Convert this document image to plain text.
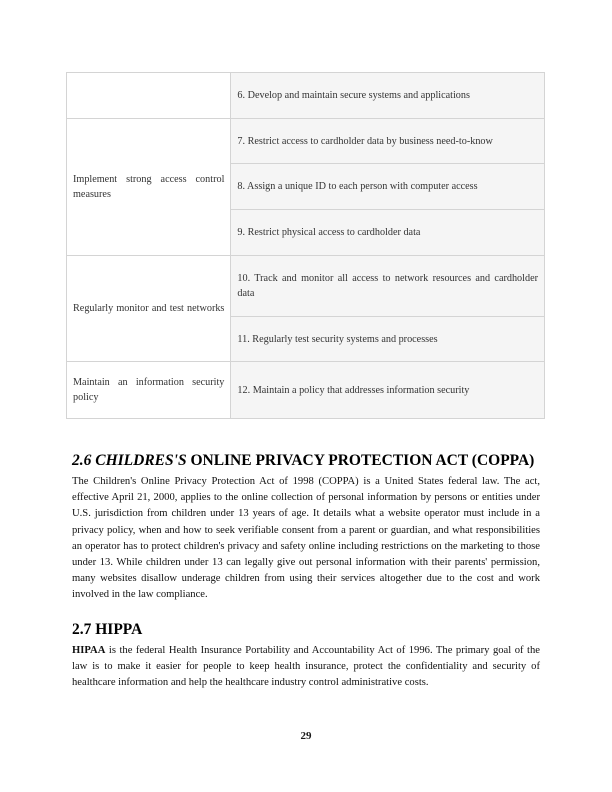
	6. Develop and maintain secure systems and applications
Implement strong access control measures	7. Restrict access to cardholder data by business need-to-know
	8. Assign a unique ID to each person with computer access
	9. Restrict physical access to cardholder data
Regularly monitor and test networks	10. Track and monitor all access to network resources and cardholder data
	11. Regularly test security systems and processes
Maintain an information security policy	12. Maintain a policy that addresses information security
2.6 CHILDRES'S ONLINE PRIVACY PROTECTION ACT (COPPA)

The Children's Online Privacy Protection Act of 1998 (COPPA) is a United States federal law. The act, effective April 21, 2000, applies to the online collection of personal information by persons or entities under U.S. jurisdiction from children under 13 years of age. It details what a website operator must include in a privacy policy, when and how to seek verifiable consent from a parent or guardian, and what responsibilities an operator has to protect children's privacy and safety online including restrictions on the marketing to those under 13. While children under 13 can legally give out personal information with their parents' permission, many websites disallow underage children from using their services altogether due to the cost and work involved in the law compliance.

2.7 HIPPA

HIPAA is the federal Health Insurance Portability and Accountability Act of 1996. The primary goal of the law is to make it easier for people to keep health insurance, protect the confidentiality and security of healthcare information and help the healthcare industry control administrative costs.

29
